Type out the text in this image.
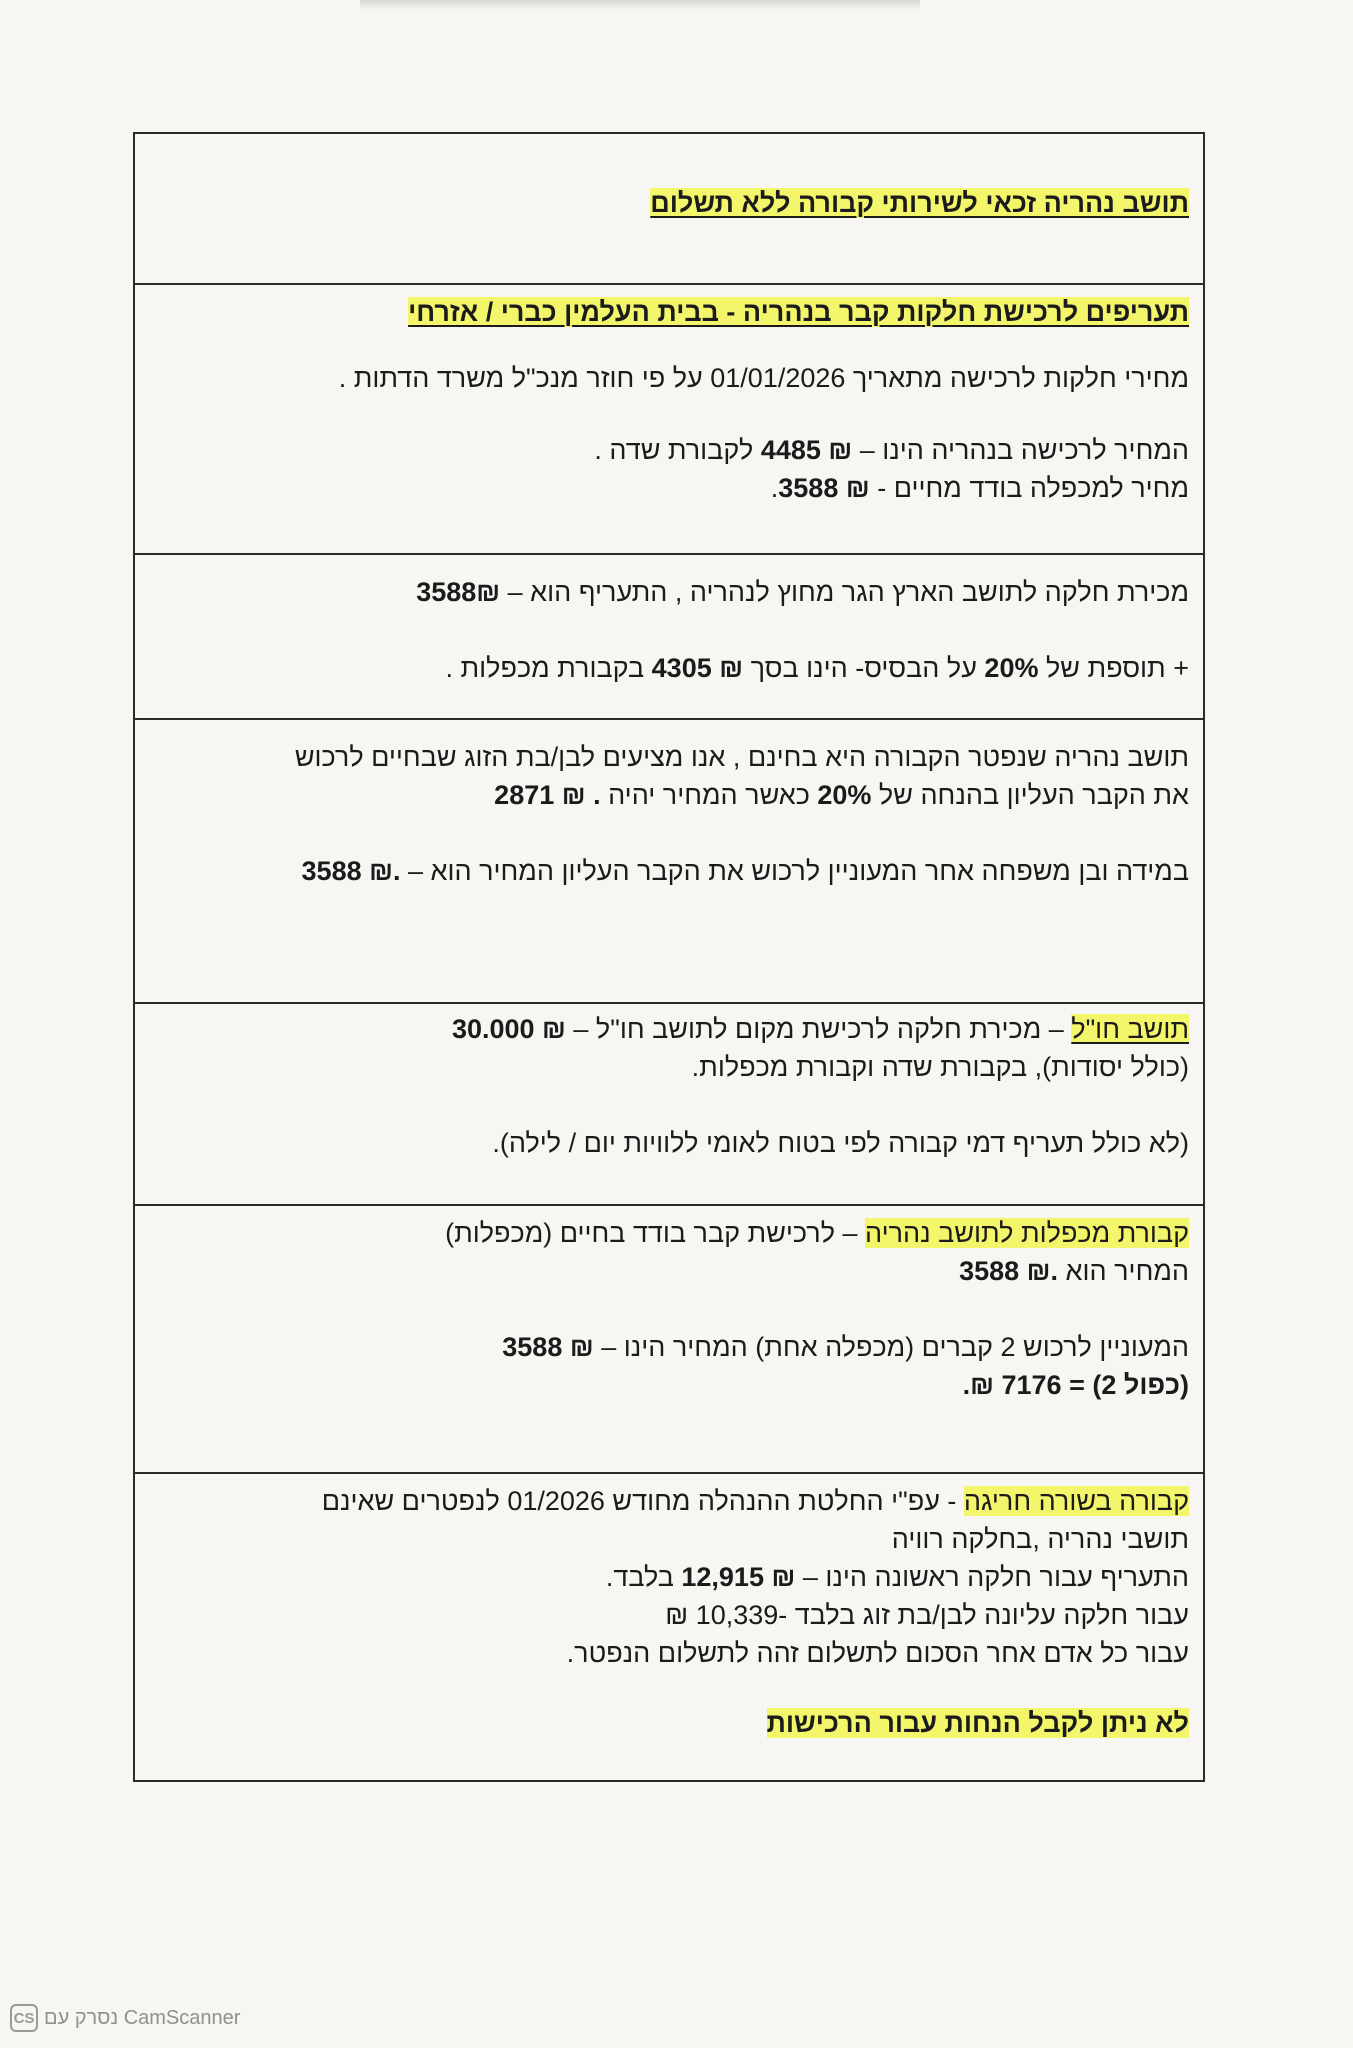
תושב נהריה זכאי לשירותי קבורה ללא תשלום
תעריפים לרכישת חלקות קבר בנהריה - בבית העלמין כברי / אזרחי
מחירי חלקות לרכישה מתאריך 01/01/2026 על פי חוזר מנכ"ל משרד הדתות .
המחיר לרכישה בנהריה הינו – 4485 ₪ לקבורת שדה .
מחיר למכפלה בודד מחיים - 3588 ₪.
מכירת חלקה לתושב הארץ הגר מחוץ לנהריה , התעריף הוא – 3588₪
+ תוספת של 20% על הבסיס- הינו בסך 4305 ₪ בקבורת מכפלות .
תושב נהריה שנפטר הקבורה היא בחינם , אנו מציעים לבן/בת הזוג שבחיים לרכוש
את הקבר העליון בהנחה של 20% כאשר המחיר יהיה 2871 ₪ .
במידה ובן משפחה אחר המעוניין לרכוש את הקבר העליון המחיר הוא – 3588 ₪.
תושב חו"ל – מכירת חלקה לרכישת מקום לתושב חו"ל – 30.000 ₪
(כולל יסודות), בקבורת שדה וקבורת מכפלות.
(לא כולל תעריף דמי קבורה לפי בטוח לאומי ללוויות יום / לילה).
קבורת מכפלות לתושב נהריה – לרכישת קבר בודד בחיים (מכפלות)
המחיר הוא 3588 ₪.
המעוניין לרכוש 2 קברים (מכפלה אחת) המחיר הינו – 3588 ₪
(כפול 2) = 7176 ₪.
קבורה בשורה חריגה - עפ"י החלטת ההנהלה מחודש 01/2026 לנפטרים שאינם
תושבי נהריה ,בחלקה רוויה
התעריף עבור חלקה ראשונה הינו – 12,915 ₪ בלבד.
עבור חלקה עליונה לבן/בת זוג בלבד -10,339 ₪
עבור כל אדם אחר הסכום לתשלום זהה לתשלום הנפטר.
לא ניתן לקבל הנחות עבור הרכישות
CS נסרק עם CamScanner
